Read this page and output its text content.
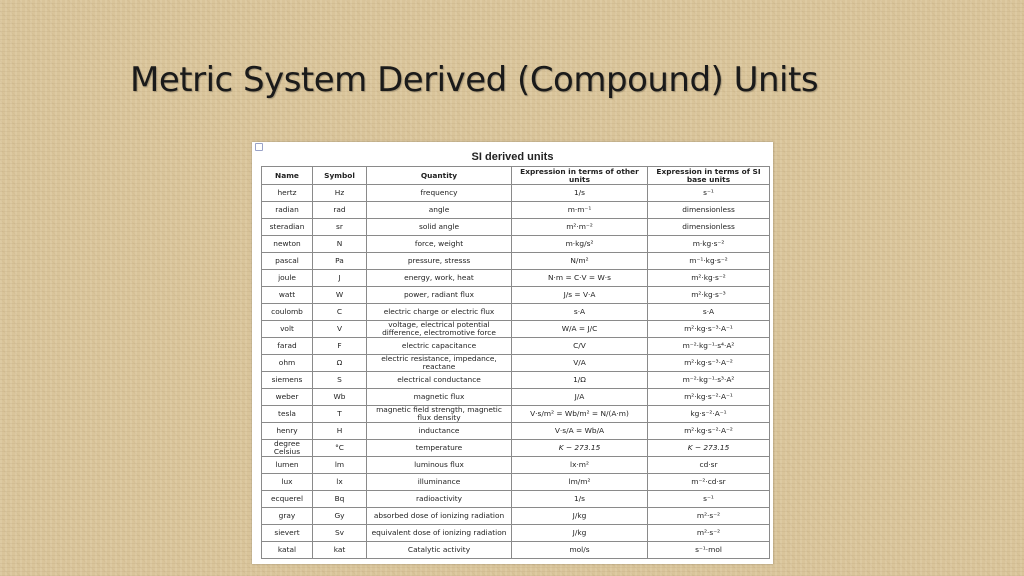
Metric System Derived (Compound) Units
SI derived units
Name	Symbol	Quantity	Expression in terms of other units	Expression in terms of SI base units
hertz	Hz	frequency	1/s	s⁻¹
radian	rad	angle	m·m⁻¹	dimensionless
steradian	sr	solid angle	m²·m⁻²	dimensionless
newton	N	force, weight	m·kg/s²	m·kg·s⁻²
pascal	Pa	pressure, stresss	N/m²	m⁻¹·kg·s⁻²
joule	J	energy, work, heat	N·m = C·V = W·s	m²·kg·s⁻²
watt	W	power, radiant flux	J/s = V·A	m²·kg·s⁻³
coulomb	C	electric charge or electric flux	s·A	s·A
volt	V	voltage, electrical potential difference, electromotive force	W/A = J/C	m²·kg·s⁻³·A⁻¹
farad	F	electric capacitance	C/V	m⁻²·kg⁻¹·s⁴·A²
ohm	Ω	electric resistance, impedance, reactane	V/A	m²·kg·s⁻³·A⁻²
siemens	S	electrical conductance	1/Ω	m⁻²·kg⁻¹·s³·A²
weber	Wb	magnetic flux	J/A	m²·kg·s⁻²·A⁻¹
tesla	T	magnetic field strength, magnetic flux density	V·s/m² = Wb/m² = N/(A·m)	kg·s⁻²·A⁻¹
henry	H	inductance	V·s/A = Wb/A	m²·kg·s⁻²·A⁻²
degree Celsius	°C	temperature	K − 273.15	K − 273.15
lumen	lm	luminous flux	lx·m²	cd·sr
lux	lx	illuminance	lm/m²	m⁻²·cd·sr
ecquerel	Bq	radioactivity	1/s	s⁻¹
gray	Gy	absorbed dose of ionizing radiation	J/kg	m²·s⁻²
sievert	Sv	equivalent dose of ionizing radiation	J/kg	m²·s⁻²
katal	kat	Catalytic activity	mol/s	s⁻¹·mol
